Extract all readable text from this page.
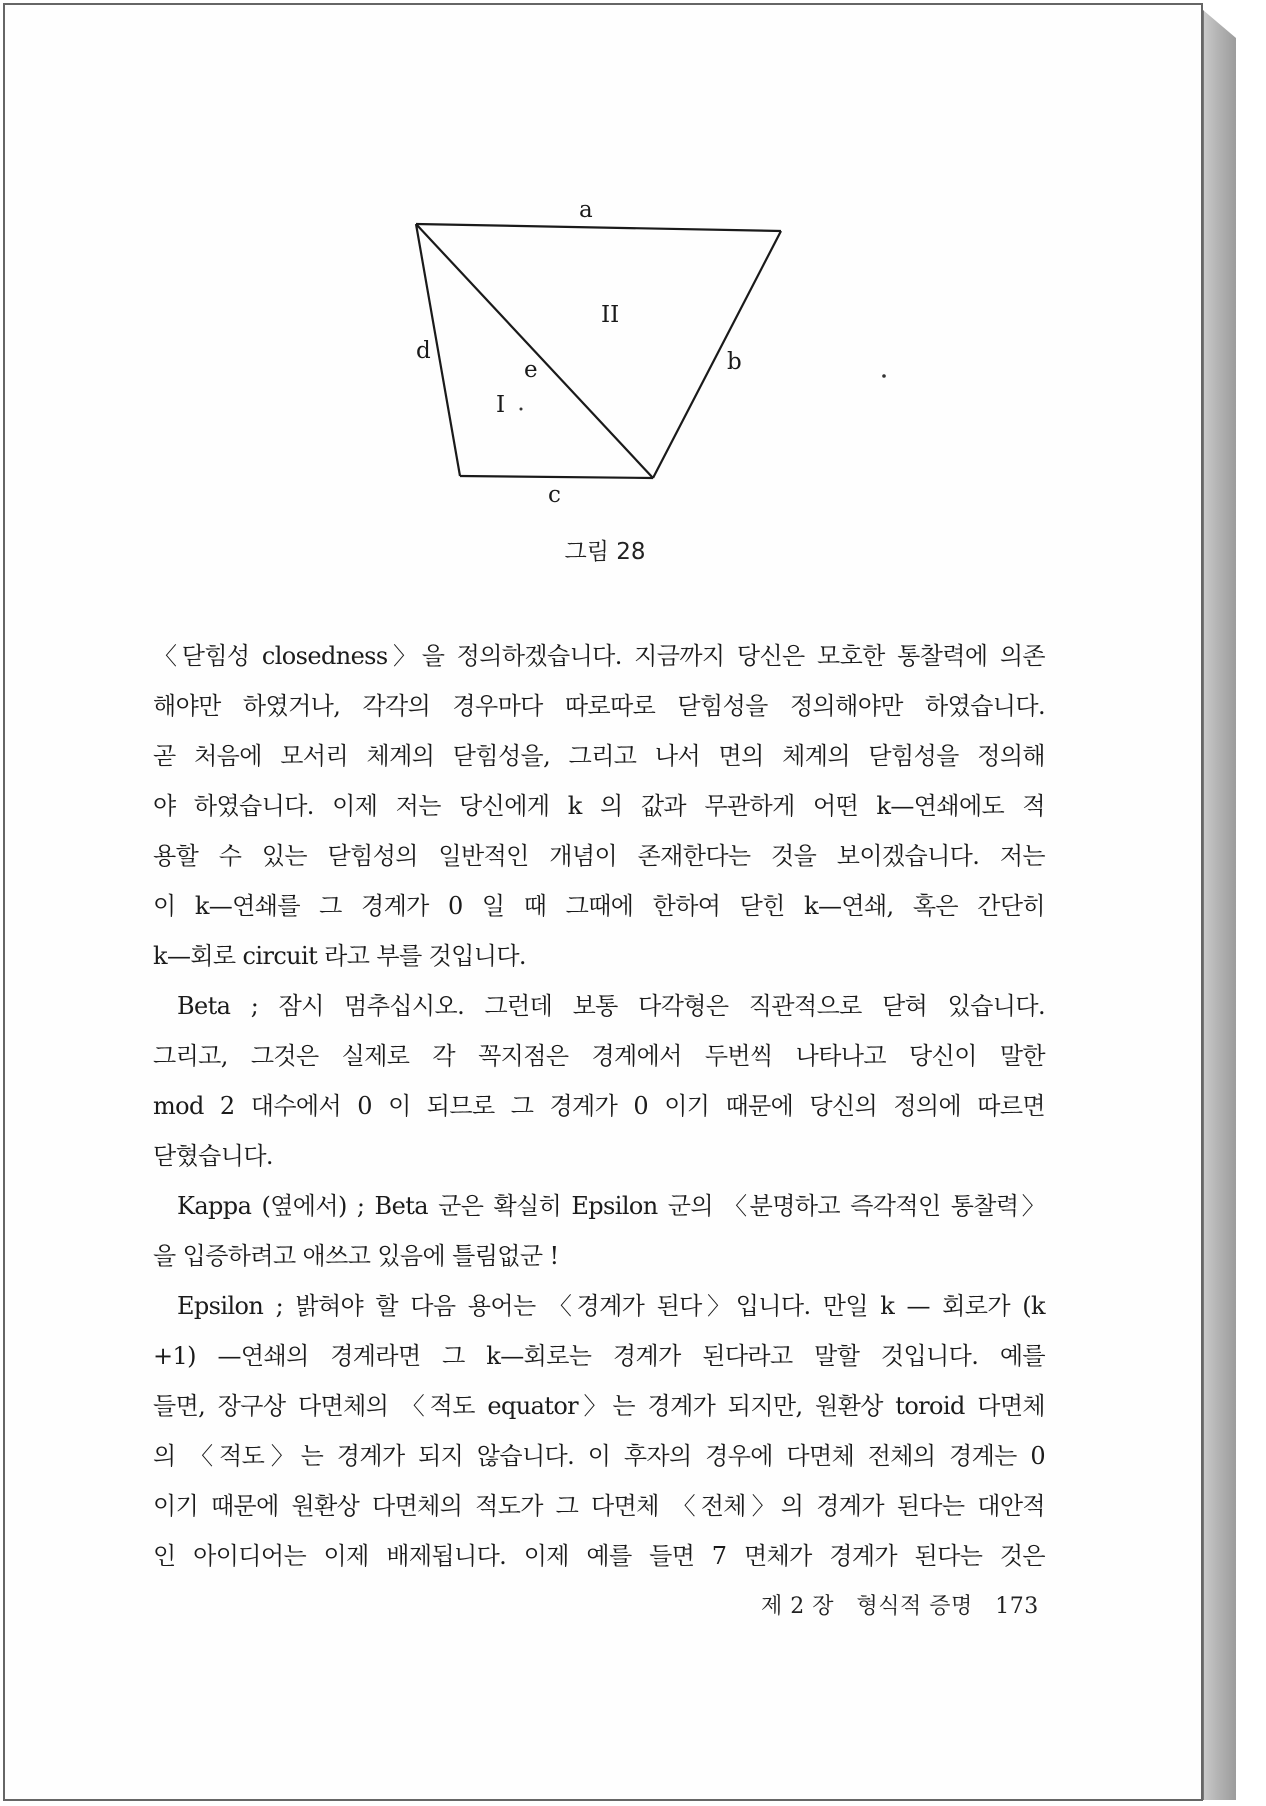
a
b
c
d
e
I
II
그림 28
〈닫힘성 closedness〉을 정의하겠습니다. 지금까지 당신은 모호한 통찰력에 의존
해야만 하였거나, 각각의 경우마다 따로따로 닫힘성을 정의해야만 하였습니다.
곧 처음에 모서리 체계의 닫힘성을, 그리고 나서 면의 체계의 닫힘성을 정의해
야 하였습니다. 이제 저는 당신에게 k 의 값과 무관하게 어떤 k—연쇄에도 적
용할 수 있는 닫힘성의 일반적인 개념이 존재한다는 것을 보이겠습니다. 저는
이 k—연쇄를 그 경계가 0 일 때 그때에 한하여 닫힌 k—연쇄, 혹은 간단히
k—회로 circuit 라고 부를 것입니다.
Beta ; 잠시 멈추십시오. 그런데 보통 다각형은 직관적으로 닫혀 있습니다.
그리고, 그것은 실제로 각 꼭지점은 경계에서 두번씩 나타나고 당신이 말한
mod 2 대수에서 0 이 되므로 그 경계가 0 이기 때문에 당신의 정의에 따르면
닫혔습니다.
Kappa (옆에서) ; Beta 군은 확실히 Epsilon 군의 〈분명하고 즉각적인 통찰력〉
을 입증하려고 애쓰고 있음에 틀림없군 !
Epsilon ; 밝혀야 할 다음 용어는 〈경계가 된다〉입니다. 만일 k — 회로가 (k
+1) —연쇄의 경계라면 그 k—회로는 경계가 된다라고 말할 것입니다. 예를
들면, 장구상 다면체의 〈적도 equator〉는 경계가 되지만, 원환상 toroid 다면체
의 〈적도〉는 경계가 되지 않습니다. 이 후자의 경우에 다면체 전체의 경계는 0
이기 때문에 원환상 다면체의 적도가 그 다면체 〈전체〉의 경계가 된다는 대안적
인 아이디어는 이제 배제됩니다. 이제 예를 들면 7 면체가 경계가 된다는 것은
제 2 장 형식적 증명 173
